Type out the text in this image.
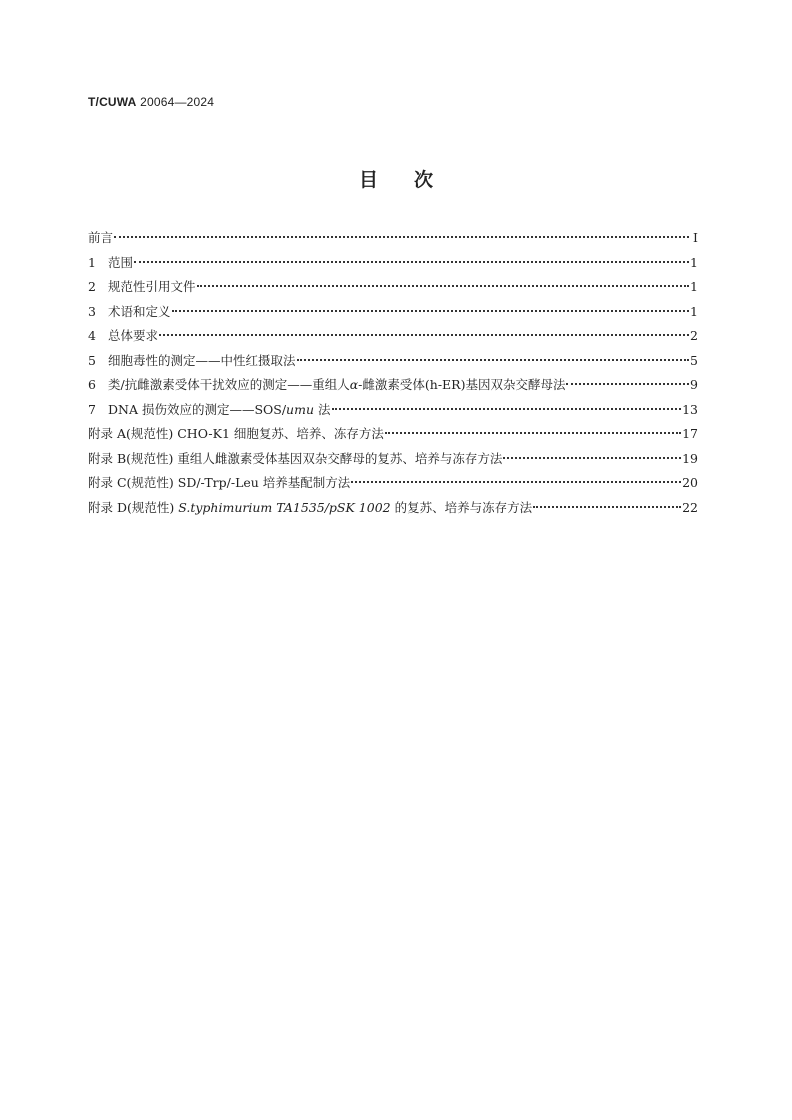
T/CUWA 20064—2024
目次
前言	I
1 范围	1
2 规范性引用文件	1
3 术语和定义	1
4 总体要求	2
5 细胞毒性的测定——中性红摄取法	5
6 类/抗雌激素受体干扰效应的测定——重组人α-雌激素受体(h-ER)基因双杂交酵母法	9
7 DNA 损伤效应的测定——SOS/umu 法	13
附录 A(规范性) CHO-K1 细胞复苏、培养、冻存方法	17
附录 B(规范性) 重组人雌激素受体基因双杂交酵母的复苏、培养与冻存方法	19
附录 C(规范性) SD/-Trp/-Leu 培养基配制方法	20
附录 D(规范性) S.typhimurium TA1535/pSK 1002 的复苏、培养与冻存方法	22
